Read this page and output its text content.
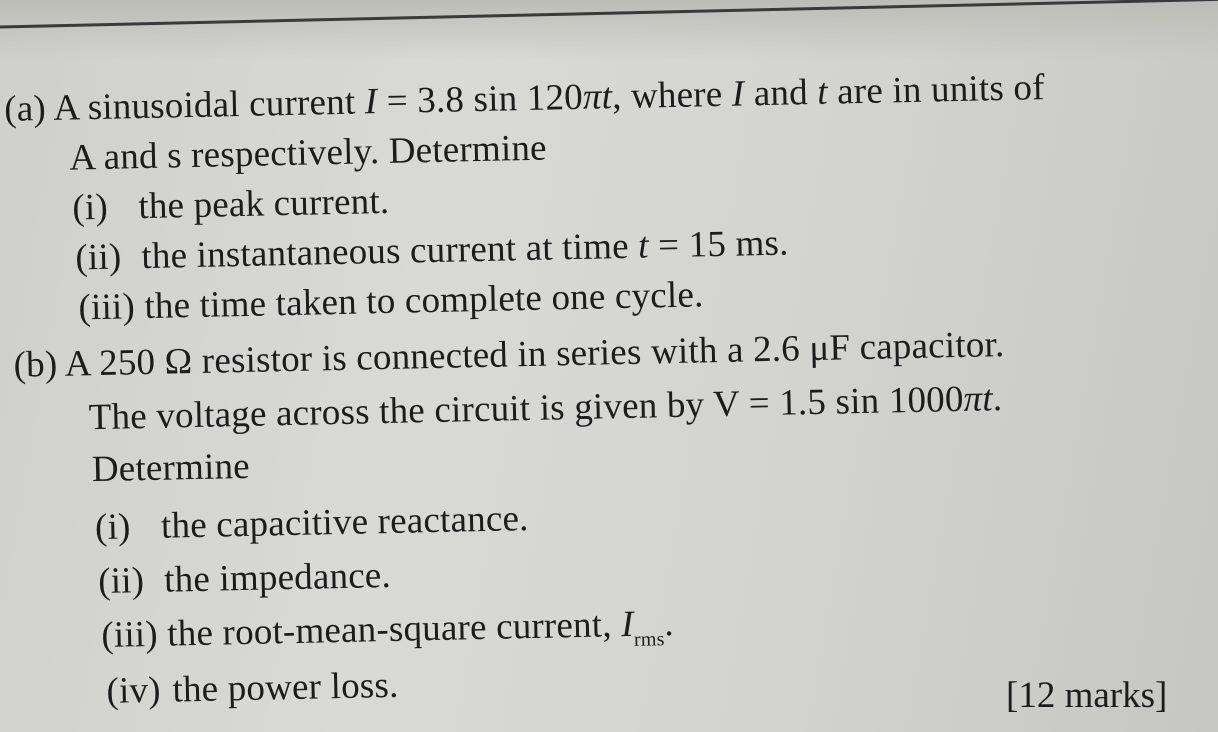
(a) A sinusoidal current I = 3.8 sin 120πt, where I and t are in units of
A and s respectively. Determine
(i) the peak current.
(ii) the instantaneous current at time t = 15 ms.
(iii) the time taken to complete one cycle.
(b) A 250 Ω resistor is connected in series with a 2.6 μF capacitor.
The voltage across the circuit is given by V = 1.5 sin 1000πt.
Determine
(i) the capacitive reactance.
(ii) the impedance.
(iii) the root-mean-square current, $I_{rms}$.
(iv) the power loss.	[12 marks]
